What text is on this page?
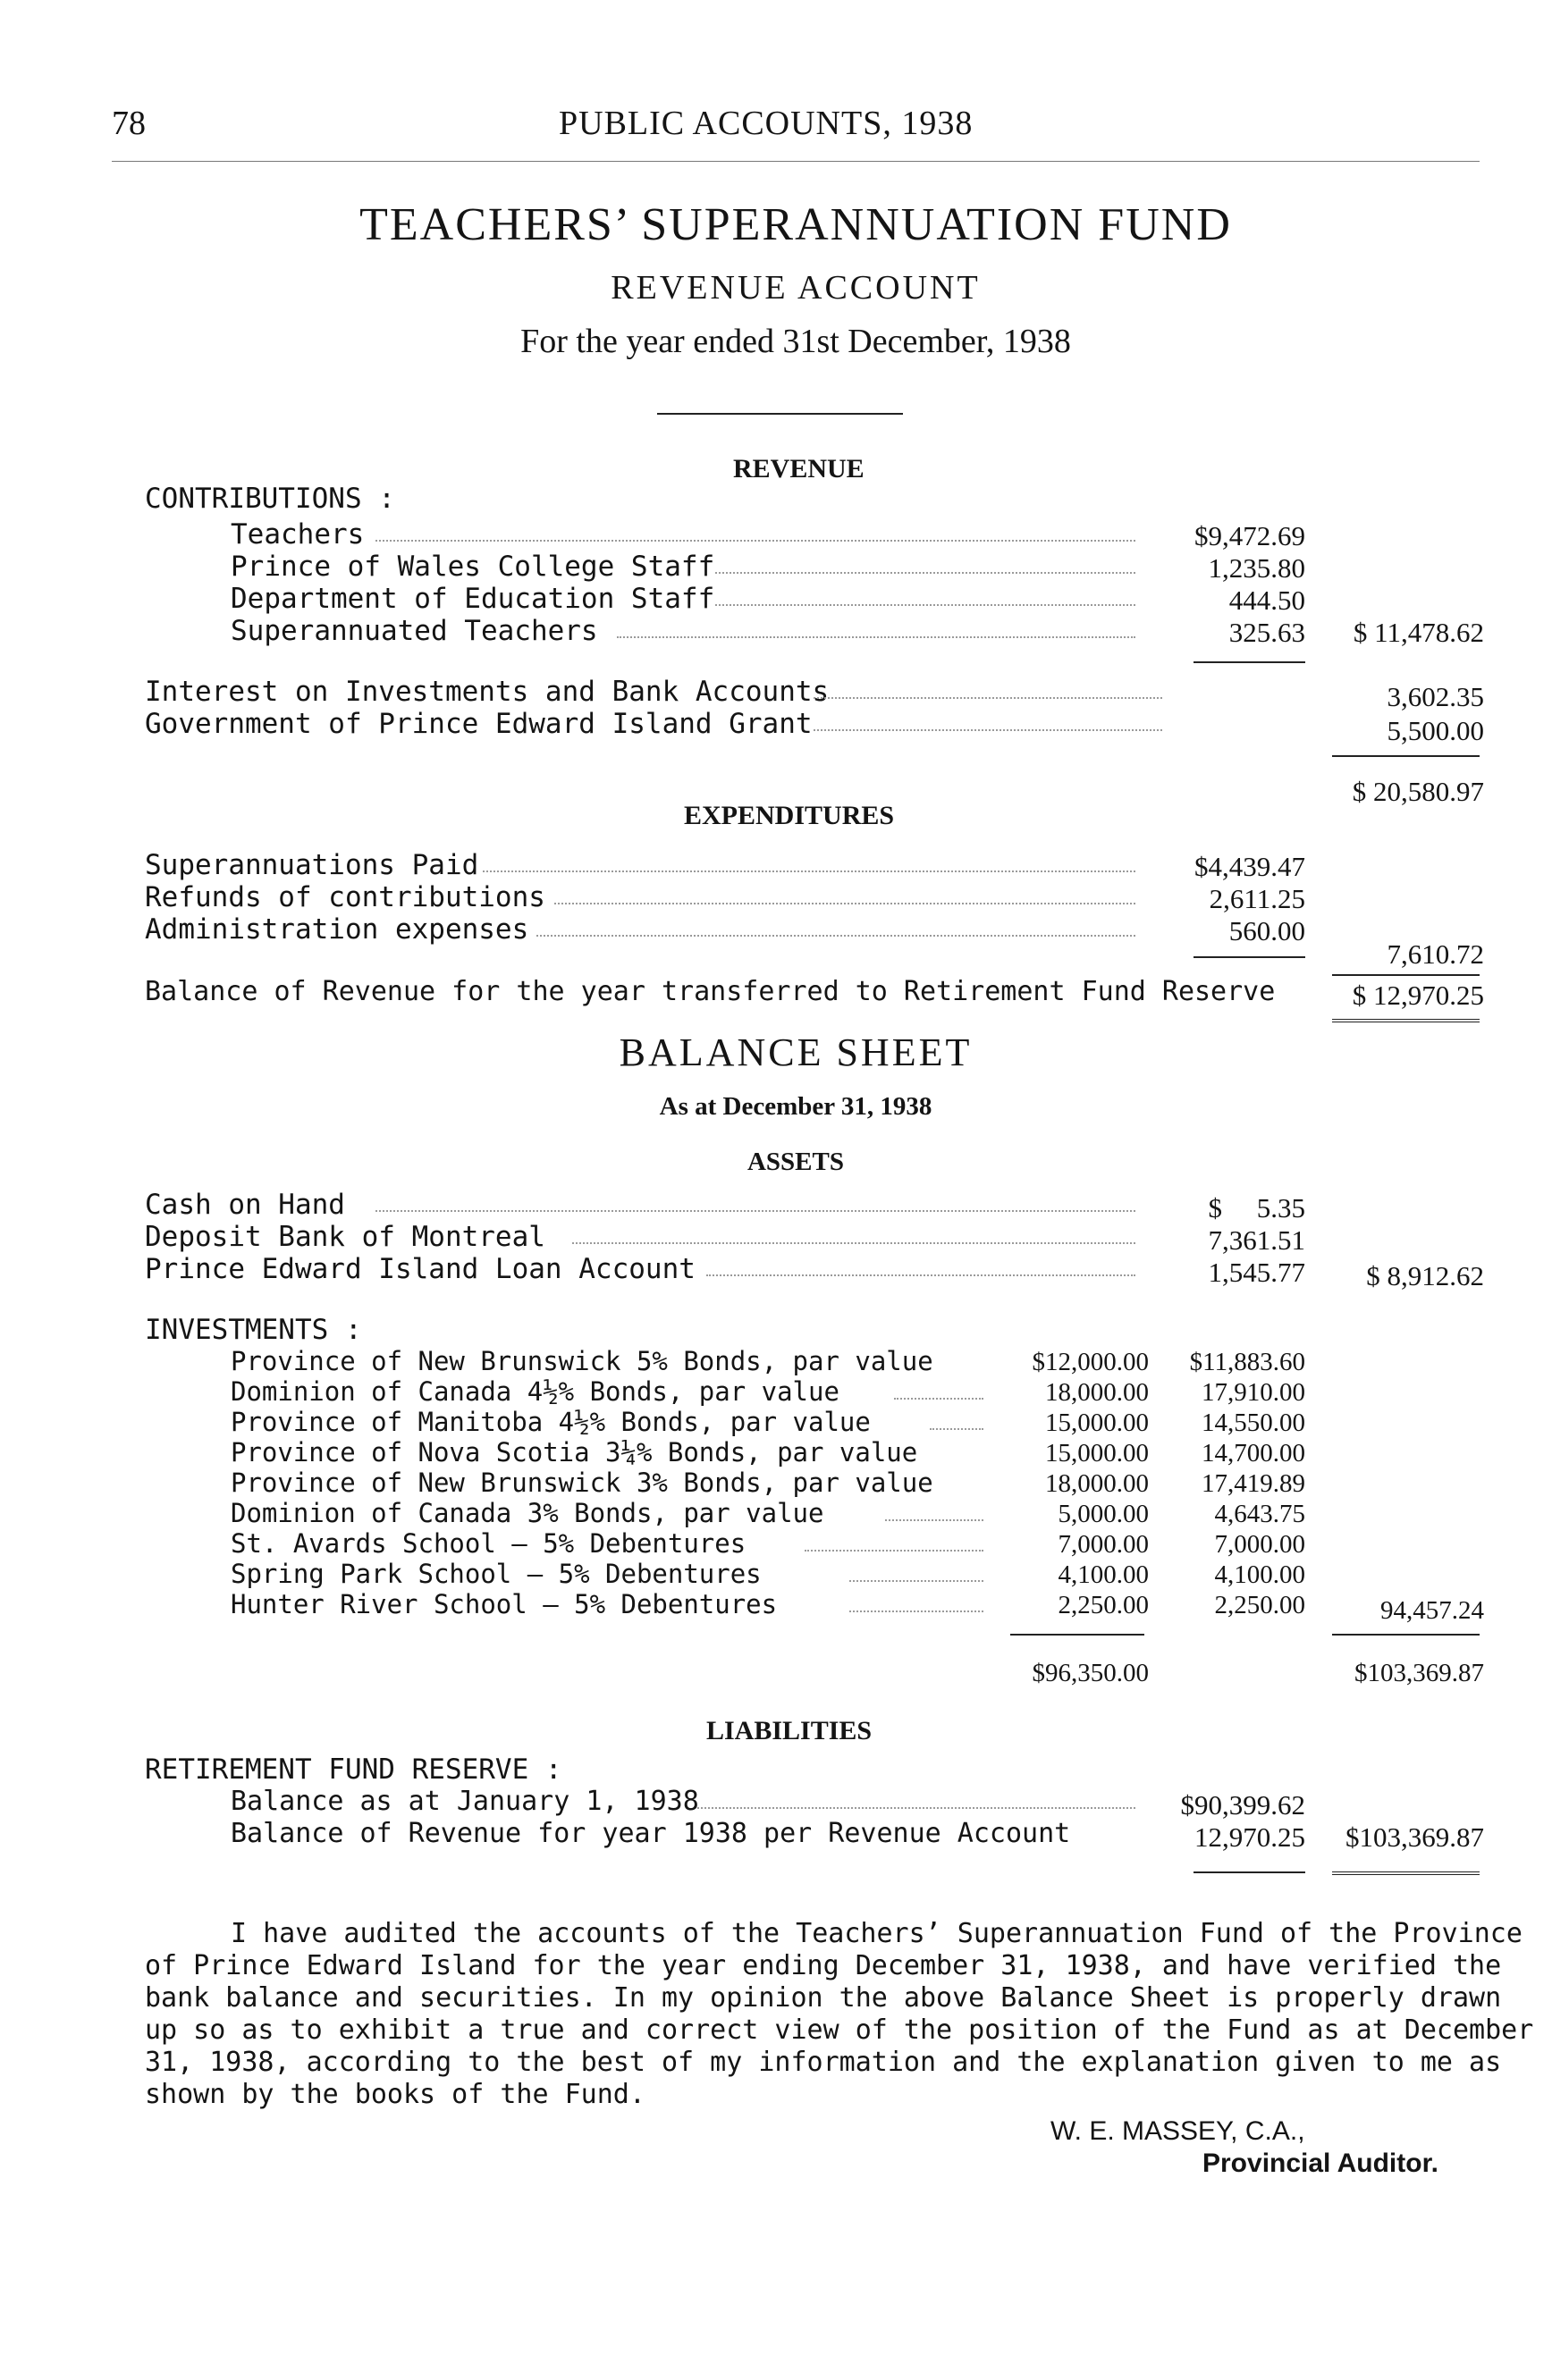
78	PUBLIC ACCOUNTS, 1938
TEACHERS’ SUPERANNUATION FUND
REVENUE ACCOUNT
For the year ended 31st December, 1938
REVENUE
CONTRIBUTIONS :
Teachers	$9,472.69
Prince of Wales College Staff	1,235.80
Department of Education Staff	444.50
Superannuated Teachers	325.63	$ 11,478.62
Interest on Investments and Bank Accounts	3,602.35
Government of Prince Edward Island Grant	5,500.00
$ 20,580.97
EXPENDITURES
Superannuations Paid	$4,439.47
Refunds of contributions	2,611.25
Administration expenses	560.00
7,610.72
Balance of Revenue for the year transferred to Retirement Fund Reserve	$ 12,970.25
BALANCE SHEET
As at December 31, 1938
ASSETS
Cash on Hand	$     5.35
Deposit Bank of Montreal	7,361.51
Prince Edward Island Loan Account	1,545.77	$ 8,912.62
INVESTMENTS :
Province of New Brunswick 5% Bonds, par value	$12,000.00	$11,883.60
Dominion of Canada 4½% Bonds, par value	18,000.00	17,910.00
Province of Manitoba 4½% Bonds, par value	15,000.00	14,550.00
Province of Nova Scotia 3¼% Bonds, par value	15,000.00	14,700.00
Province of New Brunswick 3% Bonds, par value	18,000.00	17,419.89
Dominion of Canada 3% Bonds, par value	5,000.00	4,643.75
St. Avards School — 5% Debentures	7,000.00	7,000.00
Spring Park School — 5% Debentures	4,100.00	4,100.00
Hunter River School — 5% Debentures	2,250.00	2,250.00	94,457.24
$96,350.00	$103,369.87
LIABILITIES
RETIREMENT FUND RESERVE :
Balance as at January 1, 1938	$90,399.62
Balance of Revenue for year 1938 per Revenue Account	12,970.25	$103,369.87
I have audited the accounts of the Teachers’ Superannuation Fund of the Province
of Prince Edward Island for the year ending December 31, 1938, and have verified the
bank balance and securities. In my opinion the above Balance Sheet is properly drawn
up so as to exhibit a true and correct view of the position of the Fund as at December
31, 1938, according to the best of my information and the explanation given to me as
shown by the books of the Fund.
W. E. MASSEY, C.A.,
Provincial Auditor.
